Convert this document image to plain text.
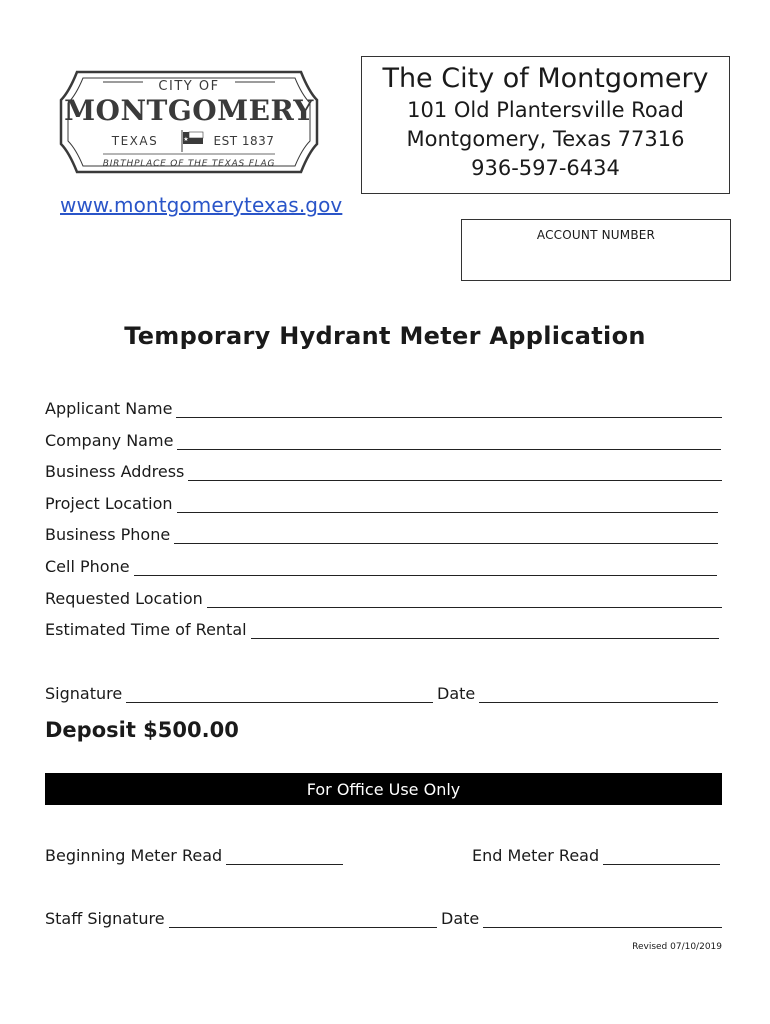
CITY OF
MONTGOMERY
TEXAS	★ EST 1837
BIRTHPLACE OF THE TEXAS FLAG
www.montgomerytexas.gov
The City of Montgomery
101 Old Plantersville Road
Montgomery, Texas 77316
936-597-6434
ACCOUNT NUMBER
Temporary Hydrant Meter Application
Applicant Name
Company Name
Business Address
Project Location
Business Phone
Cell Phone
Requested Location
Estimated Time of Rental
Signature	Date
Deposit $500.00
For Office Use Only
Beginning Meter Read	End Meter Read
Staff Signature	Date
Revised 07/10/2019
